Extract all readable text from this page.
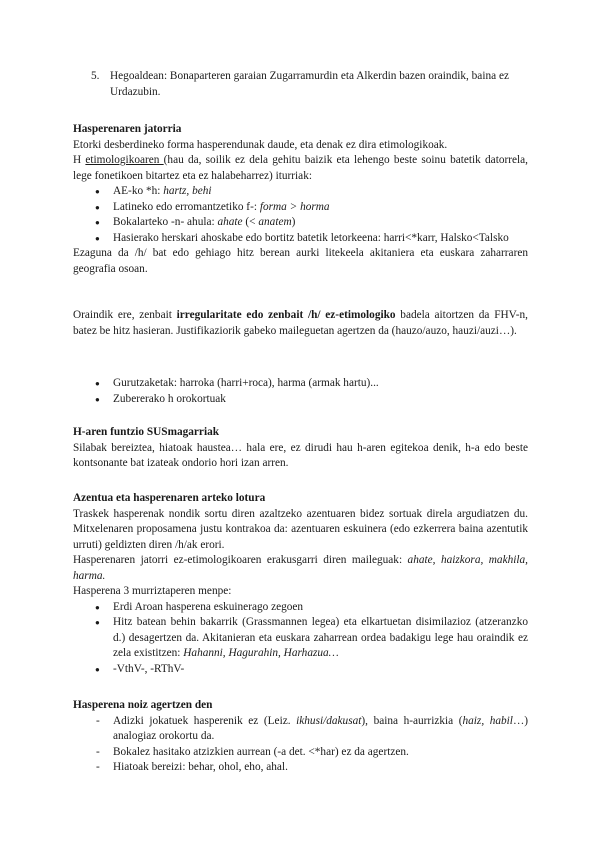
5. Hegoaldean: Bonaparteren garaian Zugarramurdin eta Alkerdin bazen oraindik, baina ez Urdazubin.
Hasperenaren jatorria

Etorki desberdineko forma hasperendunak daude, eta denak ez dira etimologikoak.

H etimologikoaren (hau da, soilik ez dela gehitu baizik eta lehengo beste soinu batetik datorrela, lege fonetikoen bitartez eta ez halabeharrez) iturriak:

● AE-ko *h: hartz, behi
● Latineko edo erromantzetiko f-: forma > horma
● Bokalarteko -n- ahula: ahate (< anatem)
● Hasierako herskari ahoskabe edo bortitz batetik letorkeena: harri<*karr, Halsko<Talsko

Ezaguna da /h/ bat edo gehiago hitz berean aurki litekeela akitaniera eta euskara zaharraren geografia osoan.

Oraindik ere, zenbait irregularitate edo zenbait /h/ ez-etimologiko badela aitortzen da FHV-n, batez be hitz hasieran. Justifikaziorik gabeko maileguetan agertzen da (hauzo/auzo, hauzi/auzi…).

● Gurutzaketak: harroka (harri+roca), harma (armak hartu)...
● Zubererako h orokortuak
H-aren funtzio SUSmagarriak

Silabak bereiztea, hiatoak haustea… hala ere, ez dirudi hau h-aren egitekoa denik, h-a edo beste kontsonante bat izateak ondorio hori izan arren.

Azentua eta hasperenaren arteko lotura

Traskek hasperenak nondik sortu diren azaltzeko azentuaren bidez sortuak direla argudiatzen du. Mitxelenaren proposamena justu kontrakoa da: azentuaren eskuinera (edo ezkerrera baina azentutik urruti) geldizten diren /h/ak erori.

Hasperenaren jatorri ez-etimologikoaren erakusgarri diren maileguak: ahate, haizkora, makhila, harma.

Hasperena 3 murriztaperen menpe:

● Erdi Aroan hasperena eskuinerago zegoen
● Hitz batean behin bakarrik (Grassmannen legea) eta elkartuetan disimilazioz (atzeranzko d.) desagertzen da. Akitanieran eta euskara zaharrean ordea badakigu lege hau oraindik ez zela existitzen: Hahanni, Hagurahin, Harhazua…
● -VthV-, -RThV-
Hasperena noiz agertzen den
- Adizki jokatuek hasperenik ez (Leiz. ikhusi/dakusat), baina h-aurrizkia (haiz, habil…) analogiaz orokortu da.
- Bokalez hasitako atzizkien aurrean (-a det. <*har) ez da agertzen.
- Hiatoak bereizi: behar, ohol, eho, ahal.
